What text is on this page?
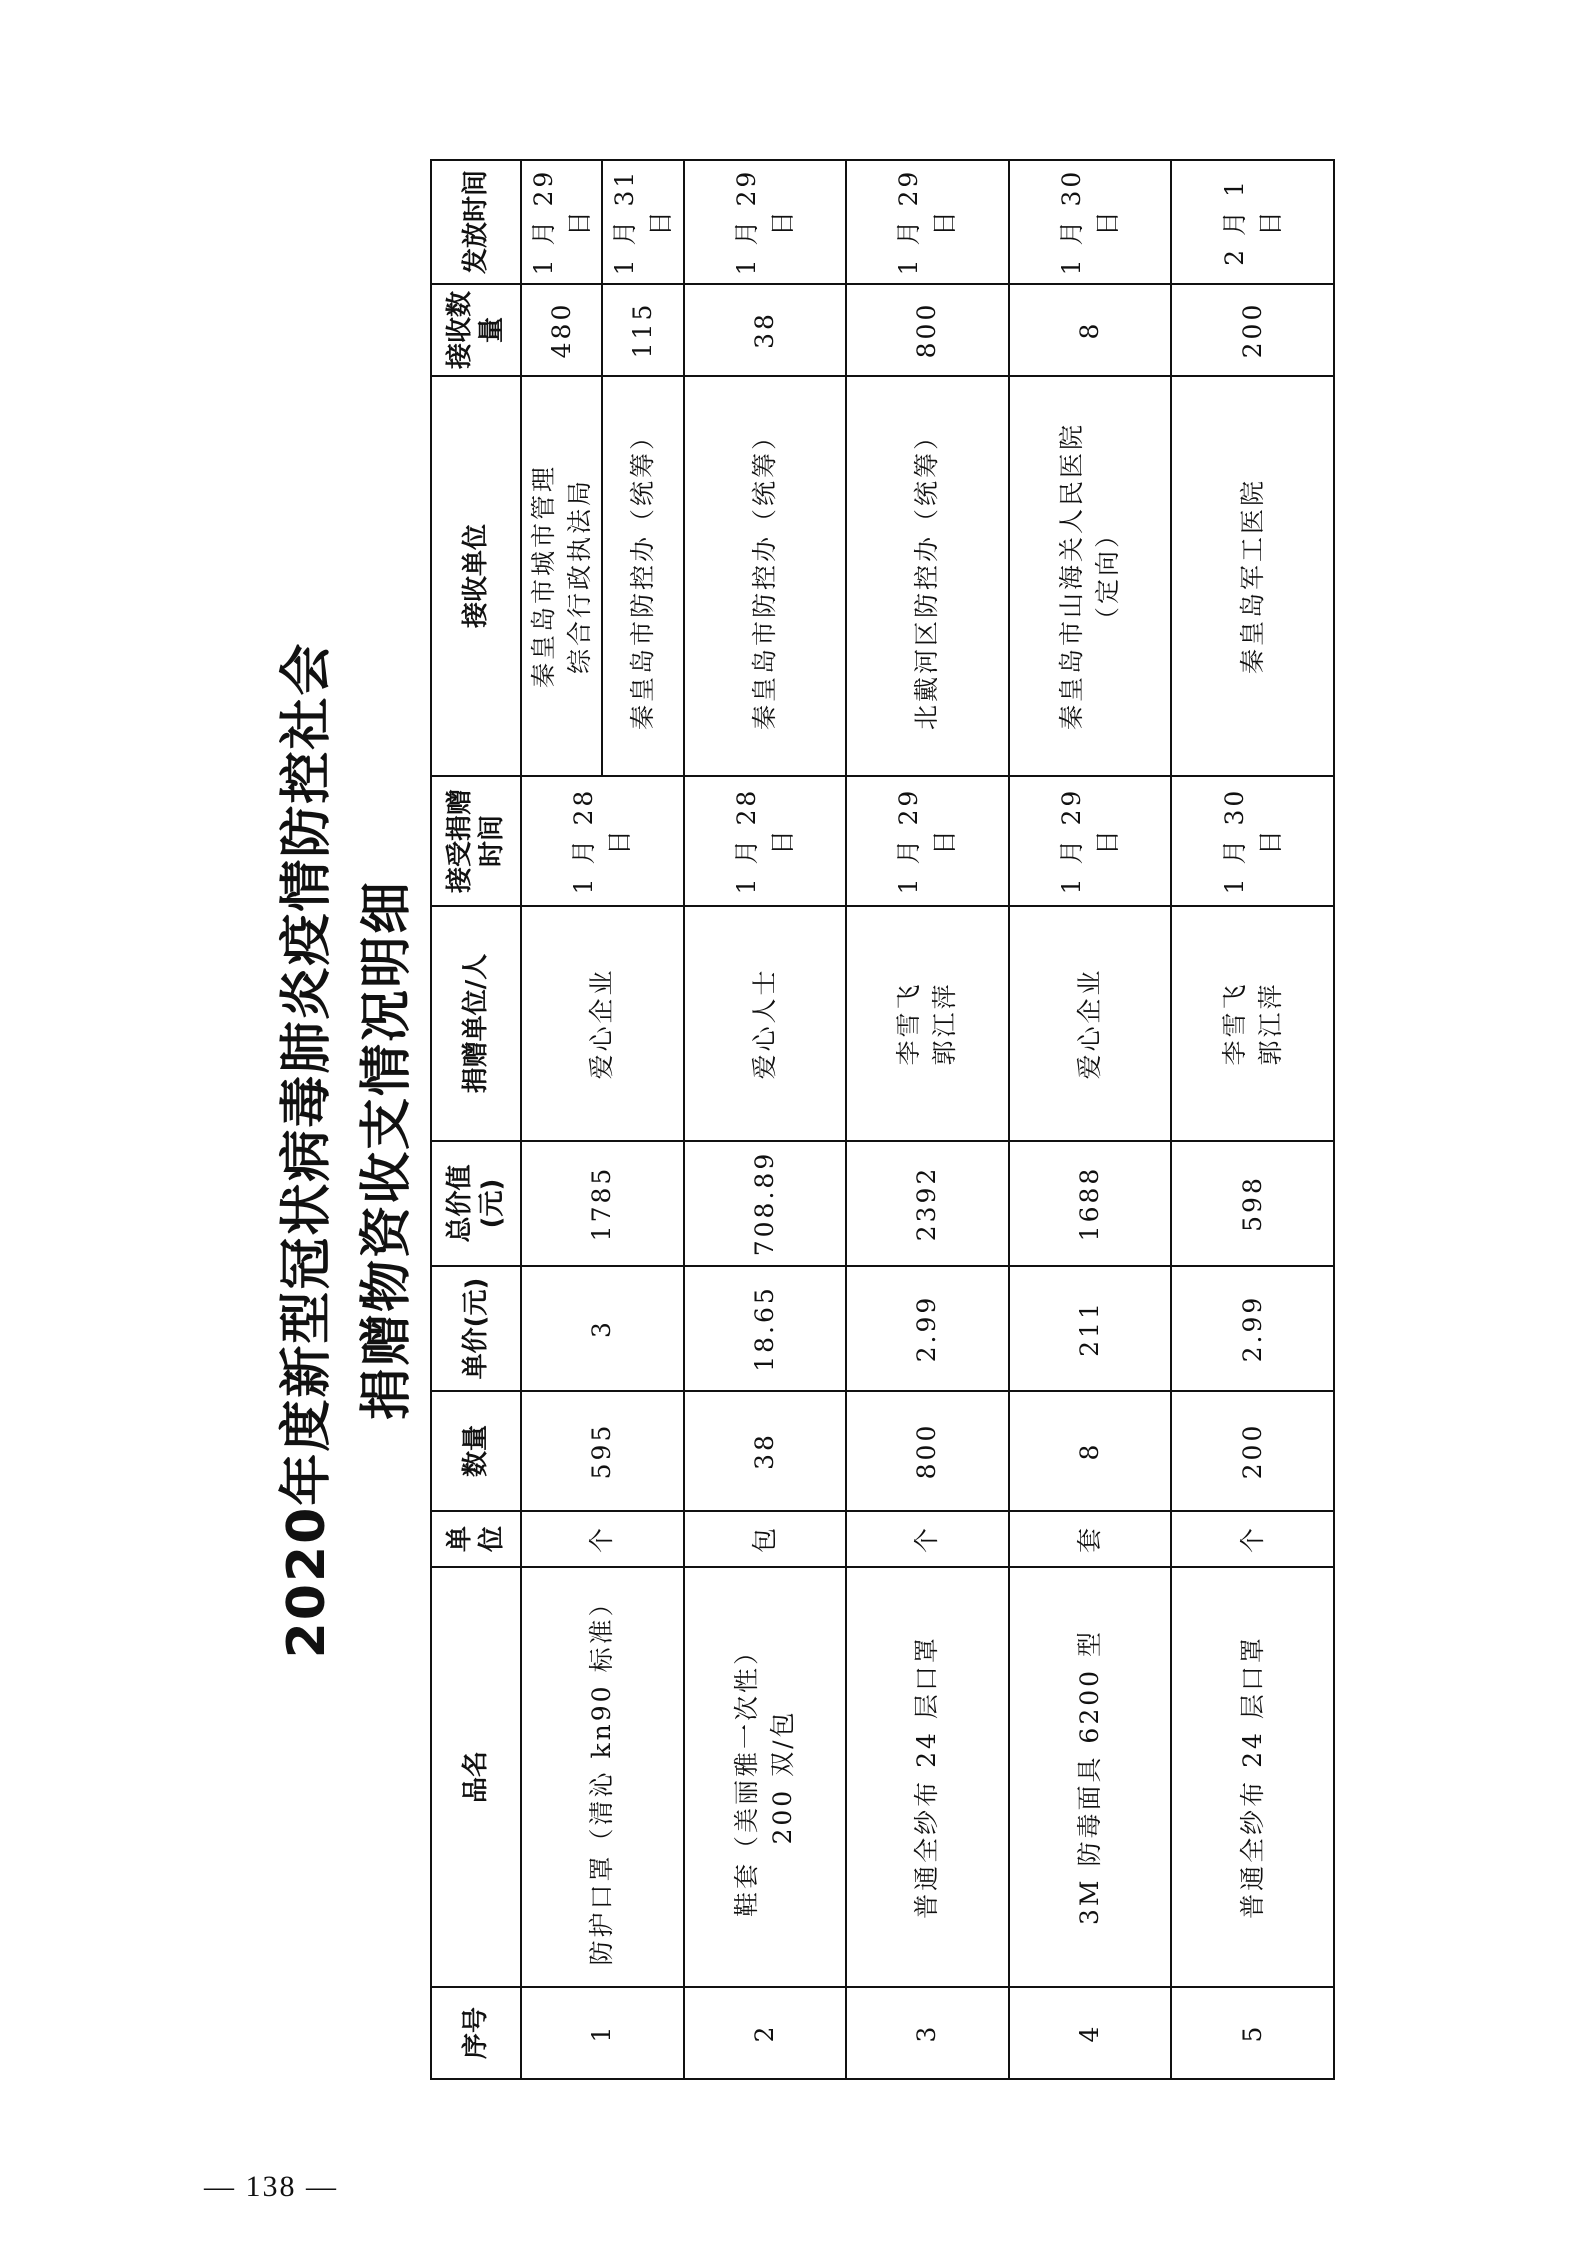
2020年度新型冠状病毒肺炎疫情防控社会 捐赠物资收支情况明细
序号	品名	单位	数量	单价(元)	总价值(元)	捐赠单位/人	接受捐赠时间	接收单位	接收数量	发放时间
1	防护口罩（清沁 kn90 标准）	个	595	3	1785	爱心企业	1 月 28 日	秦皇岛市城市管理 综合行政执法局	480	1 月 29 日

								秦皇岛市防控办（统筹）	115	1 月 31 日
2	鞋套（美丽雅一次性） 200 双/包	包	38	18.65	708.89	爱心人士	1 月 28 日	秦皇岛市防控办（统筹）	38	1 月 29 日
3	普通全纱布 24 层口罩	个	800	2.99	2392	李雪飞 郭江萍	1 月 29 日	北戴河区防控办（统筹）	800	1 月 29 日
4	3M 防毒面具 6200 型	套	8	211	1688	爱心企业	1 月 29 日	秦皇岛市山海关人民医院 （定向）	8	1 月 30 日
5	普通全纱布 24 层口罩	个	200	2.99	598	李雪飞 郭江萍	1 月 30 日	秦皇岛军工医院	200	2 月 1 日
— 138 —
